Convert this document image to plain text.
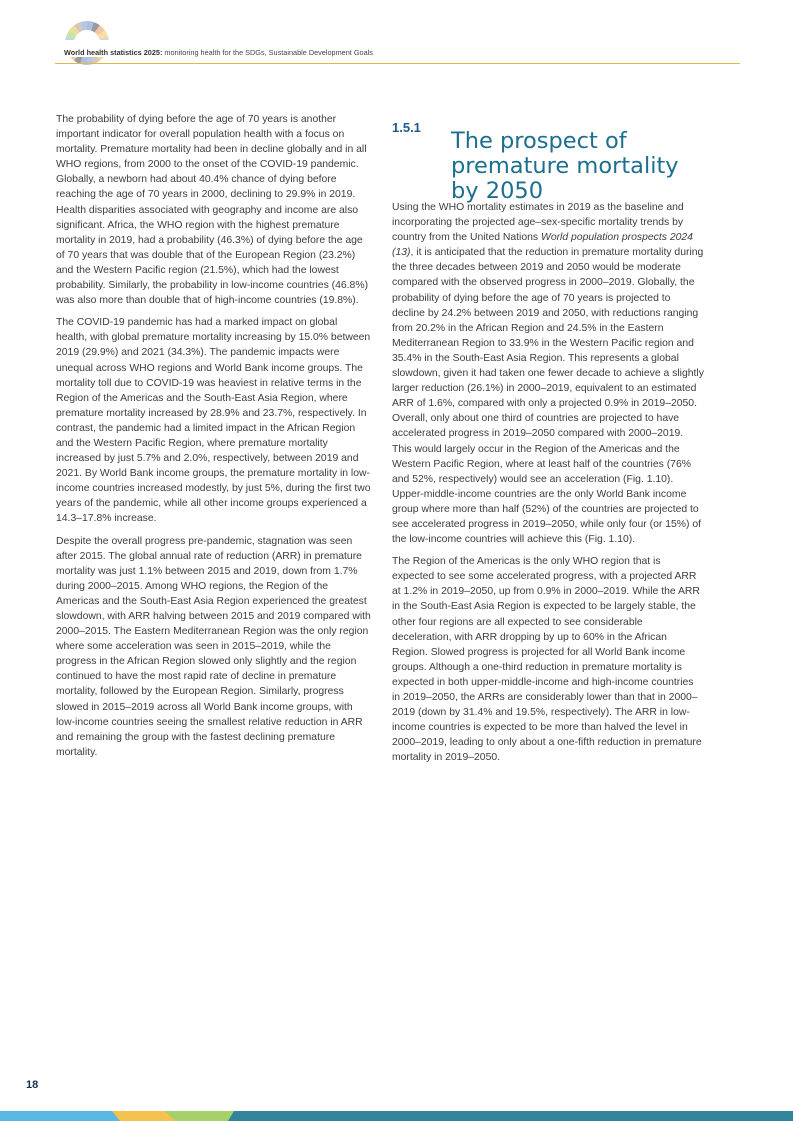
World health statistics 2025: monitoring health for the SDGs, Sustainable Development Goals

The probability of dying before the age of 70 years is another important indicator for overall population health with a focus on mortality. Premature mortality had been in decline globally and in all WHO regions, from 2000 to the onset of the COVID-19 pandemic. Globally, a newborn had about 40.4% chance of dying before reaching the age of 70 years in 2000, declining to 29.9% in 2019. Health disparities associated with geography and income are also significant. Africa, the WHO region with the highest premature mortality in 2019, had a probability (46.3%) of dying before the age of 70 years that was double that of the European Region (23.2%) and the Western Pacific region (21.5%), which had the lowest probability. Similarly, the probability in low-income countries (46.8%) was also more than double that of high-income countries (19.8%).

The COVID-19 pandemic has had a marked impact on global health, with global premature mortality increasing by 15.0% between 2019 (29.9%) and 2021 (34.3%). The pandemic impacts were unequal across WHO regions and World Bank income groups. The mortality toll due to COVID-19 was heaviest in relative terms in the Region of the Americas and the South-East Asia Region, where premature mortality increased by 28.9% and 23.7%, respectively. In contrast, the pandemic had a limited impact in the African Region and the Western Pacific Region, where premature mortality increased by just 5.7% and 2.0%, respectively, between 2019 and 2021. By World Bank income groups, the premature mortality in low-income countries increased modestly, by just 5%, during the first two years of the pandemic, while all other income groups experienced a 14.3–17.8% increase.

Despite the overall progress pre-pandemic, stagnation was seen after 2015. The global annual rate of reduction (ARR) in premature mortality was just 1.1% between 2015 and 2019, down from 1.7% during 2000–2015. Among WHO regions, the Region of the Americas and the South-East Asia Region experienced the greatest slowdown, with ARR halving between 2015 and 2019 compared with 2000–2015. The Eastern Mediterranean Region was the only region where some acceleration was seen in 2015–2019, while the progress in the African Region slowed only slightly and the region continued to have the most rapid rate of decline in premature mortality, followed by the European Region. Similarly, progress slowed in 2015–2019 across all World Bank income groups, with low-income countries seeing the smallest relative reduction in ARR and remaining the group with the fastest declining premature mortality.

1.5.1
The prospect of premature mortality by 2050

Using the WHO mortality estimates in 2019 as the baseline and incorporating the projected age–sex-specific mortality trends by country from the United Nations World population prospects 2024 (13), it is anticipated that the reduction in premature mortality during the three decades between 2019 and 2050 would be moderate compared with the observed progress in 2000–2019. Globally, the probability of dying before the age of 70 years is projected to decline by 24.2% between 2019 and 2050, with reductions ranging from 20.2% in the African Region and 24.5% in the Eastern Mediterranean Region to 33.9% in the Western Pacific region and 35.4% in the South-East Asia Region. This represents a global slowdown, given it had taken one fewer decade to achieve a slightly larger reduction (26.1%) in 2000–2019, equivalent to an estimated ARR of 1.6%, compared with only a projected 0.9% in 2019–2050. Overall, only about one third of countries are projected to have accelerated progress in 2019–2050 compared with 2000–2019. This would largely occur in the Region of the Americas and the Western Pacific Region, where at least half of the countries (76% and 52%, respectively) would see an acceleration (Fig. 1.10). Upper-middle-income countries are the only World Bank income group where more than half (52%) of the countries are projected to see accelerated progress in 2019–2050, while only four (or 15%) of the low-income countries will achieve this (Fig. 1.10).

The Region of the Americas is the only WHO region that is expected to see some accelerated progress, with a projected ARR at 1.2% in 2019–2050, up from 0.9% in 2000–2019. While the ARR in the South-East Asia Region is expected to be largely stable, the other four regions are all expected to see considerable deceleration, with ARR dropping by up to 60% in the African Region. Slowed progress is projected for all World Bank income groups. Although a one-third reduction in premature mortality is expected in both upper-middle-income and high-income countries in 2019–2050, the ARRs are considerably lower than that in 2000–2019 (down by 31.4% and 19.5%, respectively). The ARR in low-income countries is expected to be more than halved the level in 2000–2019, leading to only about a one-fifth reduction in premature mortality in 2019–2050.

18
